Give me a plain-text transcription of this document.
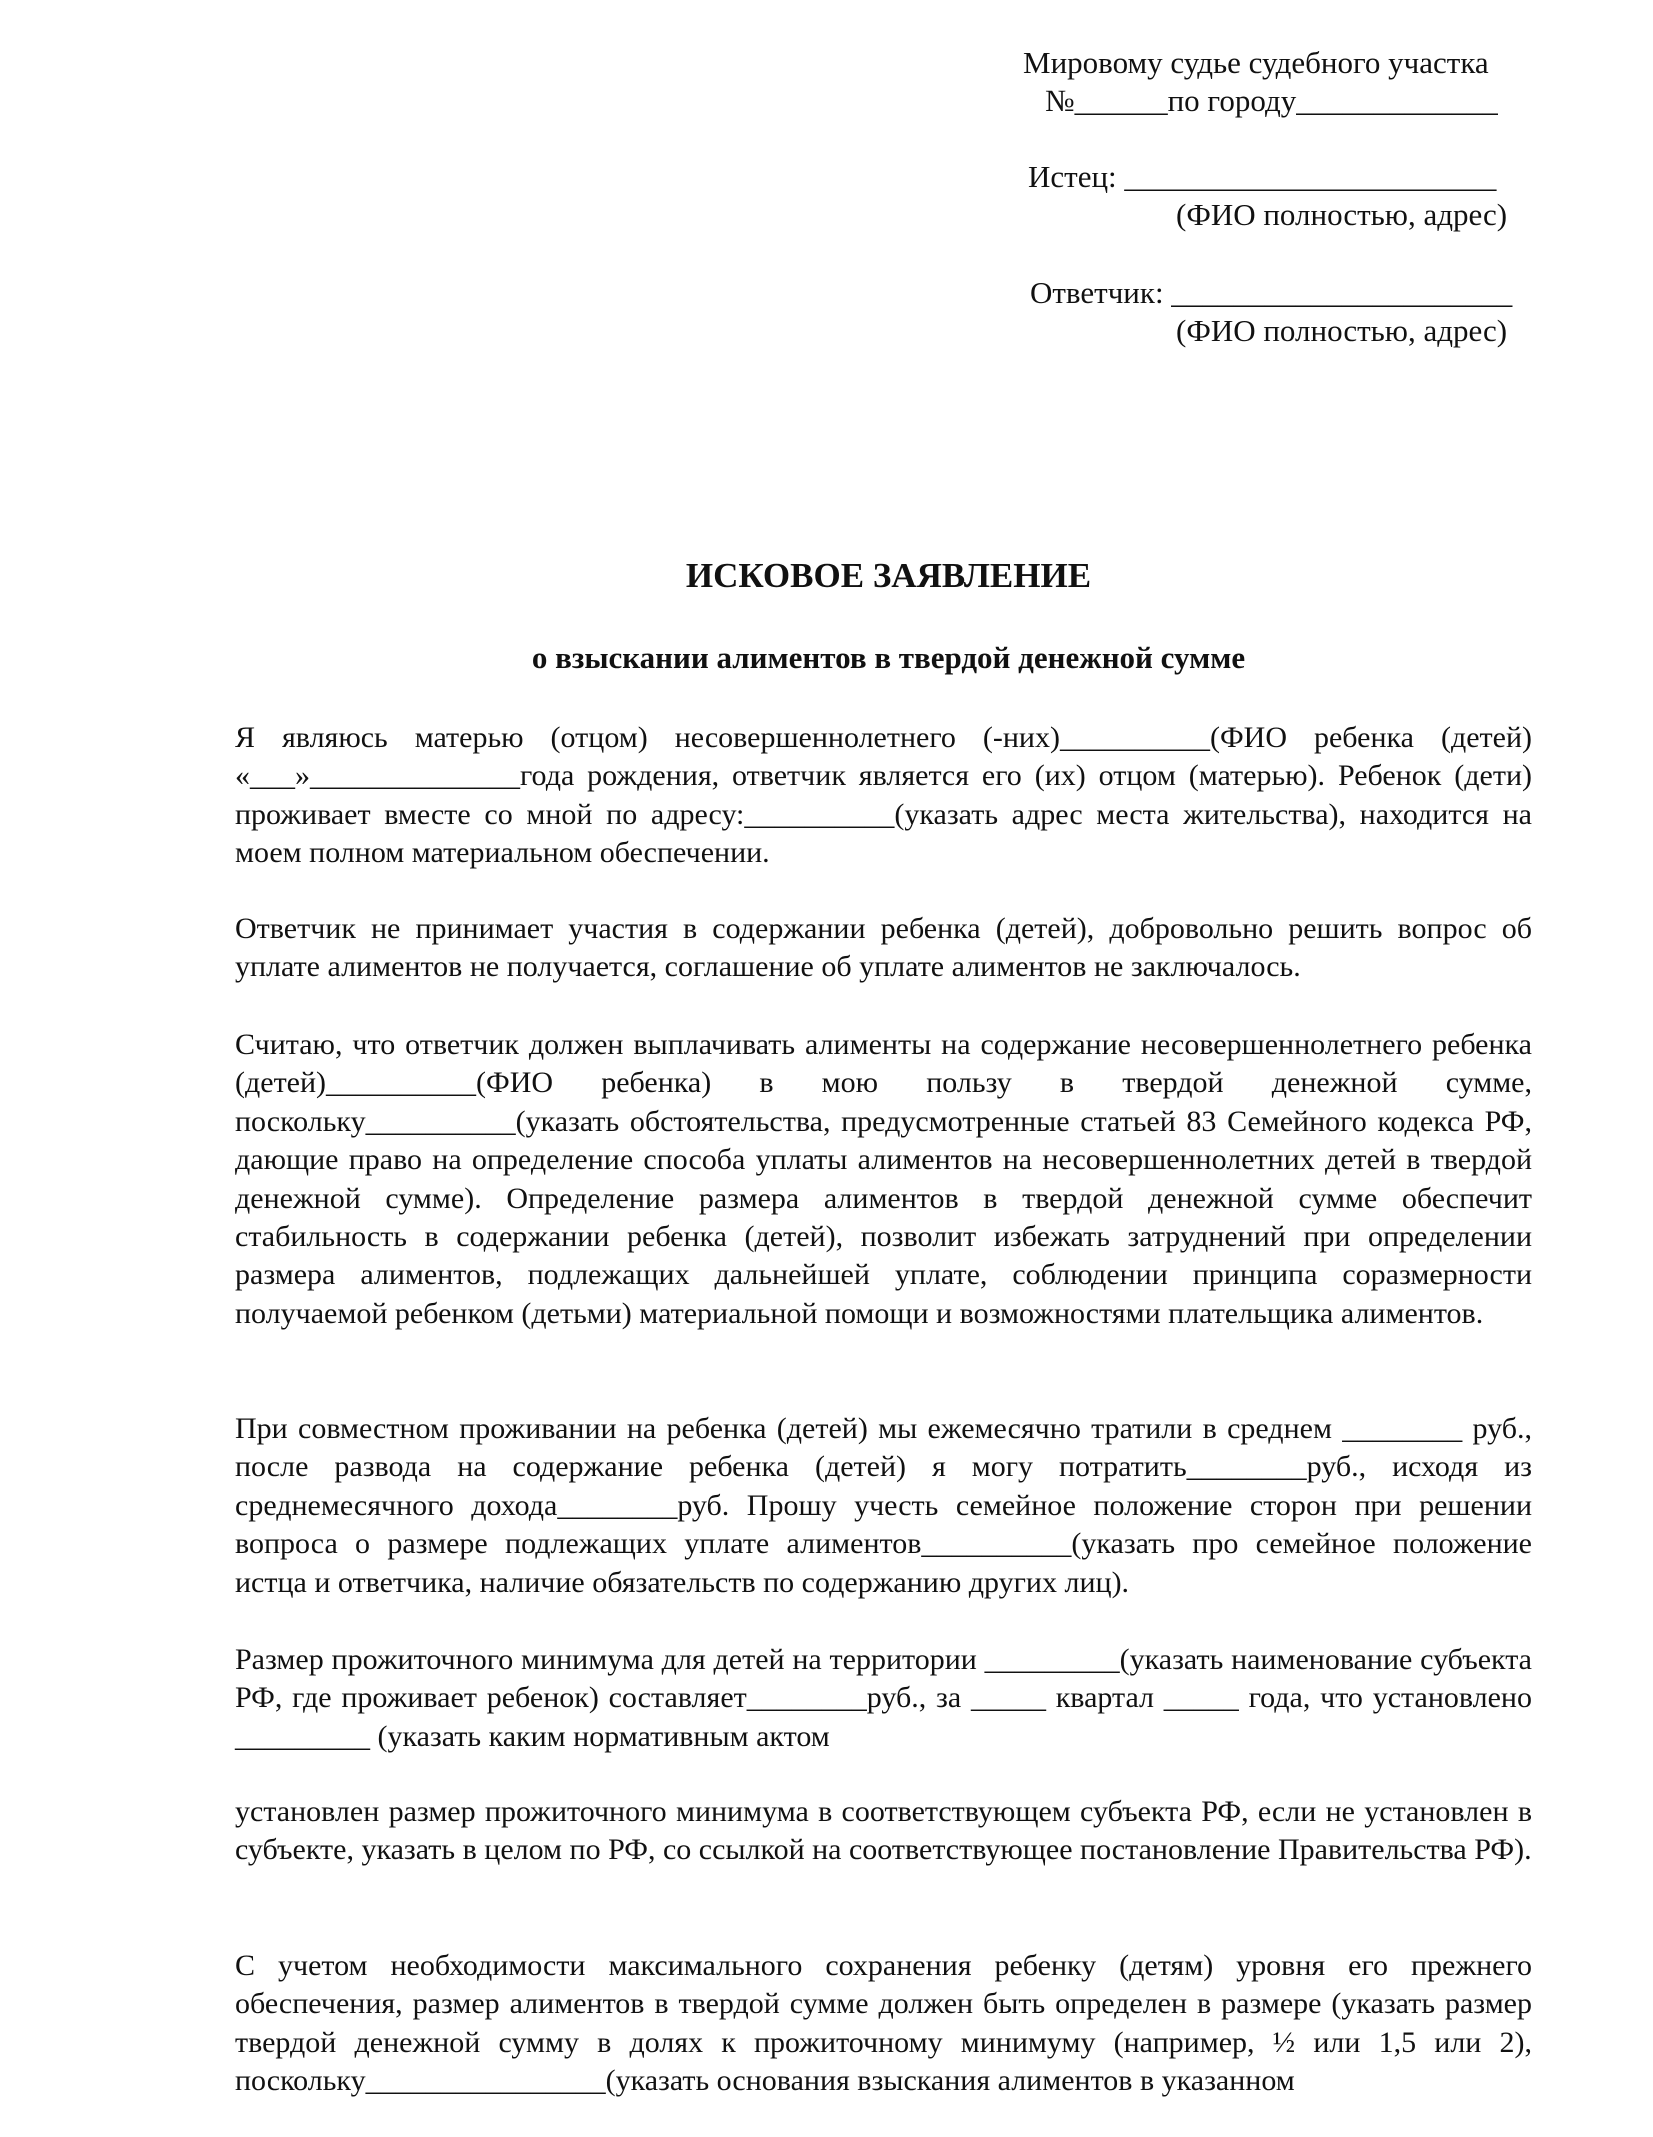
Мировому судье судебного участка
№______по городу_____________
Истец: ________________________
(ФИО полностью, адрес)
Ответчик: ______________________
(ФИО полностью, адрес)
ИСКОВОЕ ЗАЯВЛЕНИЕ
о взыскании алиментов в твердой денежной сумме

Я являюсь матерью (отцом) несовершеннолетнего (-них)__________(ФИО ребенка (детей) «___»______________года рождения, ответчик является его (их) отцом (матерью). Ребенок (дети) проживает вместе со мной по адресу:__________(указать адрес места жительства), находится на моем полном материальном обеспечении.

Ответчик не принимает участия в содержании ребенка (детей), добровольно решить вопрос об уплате алиментов не получается, соглашение об уплате алиментов не заключалось.

Считаю, что ответчик должен выплачивать алименты на содержание несовершеннолетнего ребенка (детей)__________(ФИО ребенка) в мою пользу в твердой денежной сумме, поскольку__________(указать обстоятельства, предусмотренные статьей 83 Семейного кодекса РФ, дающие право на определение способа уплаты алиментов на несовершеннолетних детей в твердой денежной сумме). Определение размера алиментов в твердой денежной сумме обеспечит стабильность в содержании ребенка (детей), позволит избежать затруднений при определении размера алиментов, подлежащих дальнейшей уплате, соблюдении принципа соразмерности получаемой ребенком (детьми) материальной помощи и возможностями плательщика алиментов.

При совместном проживании на ребенка (детей) мы ежемесячно тратили в среднем ________ руб., после развода на содержание ребенка (детей) я могу потратить________руб., исходя из среднемесячного дохода________руб. Прошу учесть семейное положение сторон при решении вопроса о размере подлежащих уплате алиментов__________(указать про семейное положение истца и ответчика, наличие обязательств по содержанию других лиц).

Размер прожиточного минимума для детей на территории _________(указать наименование субъекта РФ, где проживает ребенок) составляет________руб., за _____ квартал _____ года, что установлено _________ (указать каким нормативным актом

установлен размер прожиточного минимума в соответствующем субъекта РФ, если не установлен в субъекте, указать в целом по РФ, со ссылкой на соответствующее постановление Правительства РФ).

С учетом необходимости максимального сохранения ребенку (детям) уровня его прежнего обеспечения, размер алиментов в твердой сумме должен быть определен в размере (указать размер твердой денежной сумму в долях к прожиточному минимуму (например, ½ или 1,5 или 2), поскольку________________(указать основания взыскания алиментов в указанном
